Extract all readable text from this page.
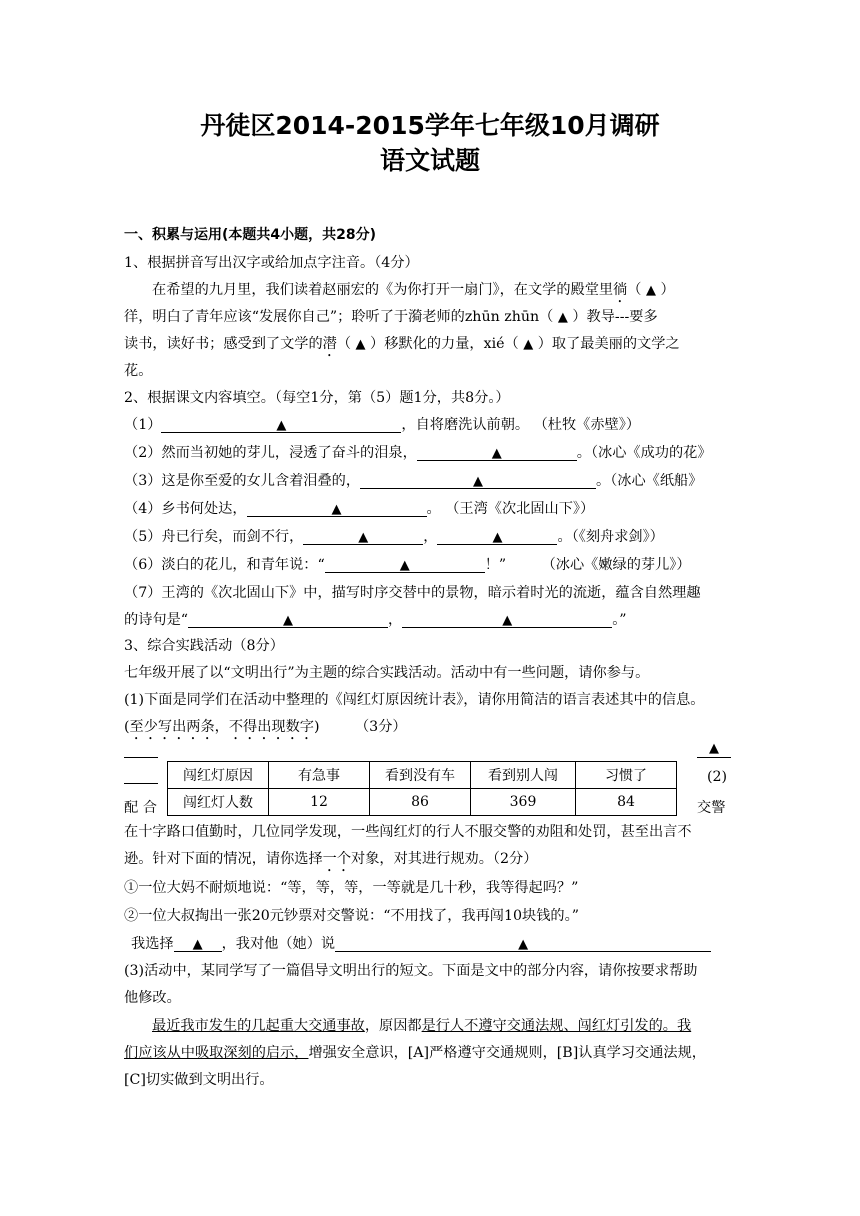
丹徒区2014-2015学年七年级10月调研
语文试题
一、积累与运用(本题共4小题，共28分)
1、根据拼音写出汉字或给加点字注音。（4分）
在希望的九月里，我们读着赵丽宏的《为你打开一扇门》，在文学的殿堂里徜（ ▲ ）
徉，明白了青年应该“发展你自己”；聆听了于漪老师的zhūn zhūn（ ▲ ）教导---要多
读书，读好书；感受到了文学的潜（ ▲ ）移默化的力量，xié（ ▲ ）取了最美丽的文学之
花。
2、根据课文内容填空。（每空1分，第（5）题1分，共8分。）
（1）	▲	，自将磨洗认前朝。 （杜牧《赤壁》）
（2）然而当初她的芽儿，浸透了奋斗的泪泉，	▲	。（冰心《成功的花》
（3）这是你至爱的女儿含着泪叠的，	▲	。（冰心《纸船》
（4）乡书何处达，	▲	。 （王湾《次北固山下》）
（5）舟已行矣，而剑不行，	▲	，	▲	。（《刻舟求剑》）
（6）淡白的花儿，和青年说：“	▲	！”　　　（冰心《嫩绿的芽儿》）
（7）王湾的《次北固山下》中，描写时序交替中的景物，暗示着时光的流逝，蕴含自然理趣
的诗句是“	▲	，	▲	。”
3、综合实践活动（8分）
七年级开展了以“文明出行”为主题的综合实践活动。活动中有一些问题，请你参与。
(1)下面是同学们在活动中整理的《闯红灯原因统计表》，请你用简洁的语言表述其中的信息。
(至少写出两条，不得出现数字)　　　	（3分）
▲
(2)
配 合	交警
闯红灯原因	有急事	看到没有车	看到别人闯	习惯了
闯红灯人数	12	86	369	84
在十字路口值勤时，几位同学发现，一些闯红灯的行人不服交警的劝阻和处罚，甚至出言不
逊。针对下面的情况，请你选择一个对象，对其进行规劝。（2分）
①一位大妈不耐烦地说：“等，等，等，一等就是几十秒，我等得起吗？”
②一位大叔掏出一张20元钞票对交警说：“不用找了，我再闯10块钱的。”
我选择 ▲ ，我对他（她）说	▲
(3)活动中，某同学写了一篇倡导文明出行的短文。下面是文中的部分内容，请你按要求帮助
他修改。
最近我市发生的几起重大交通事故，原因都是行人不遵守交通法规、闯红灯引发的。我
们应该从中吸取深刻的启示，增强安全意识，[A]严格遵守交通规则，[B]认真学习交通法规，
[C]切实做到文明出行。
